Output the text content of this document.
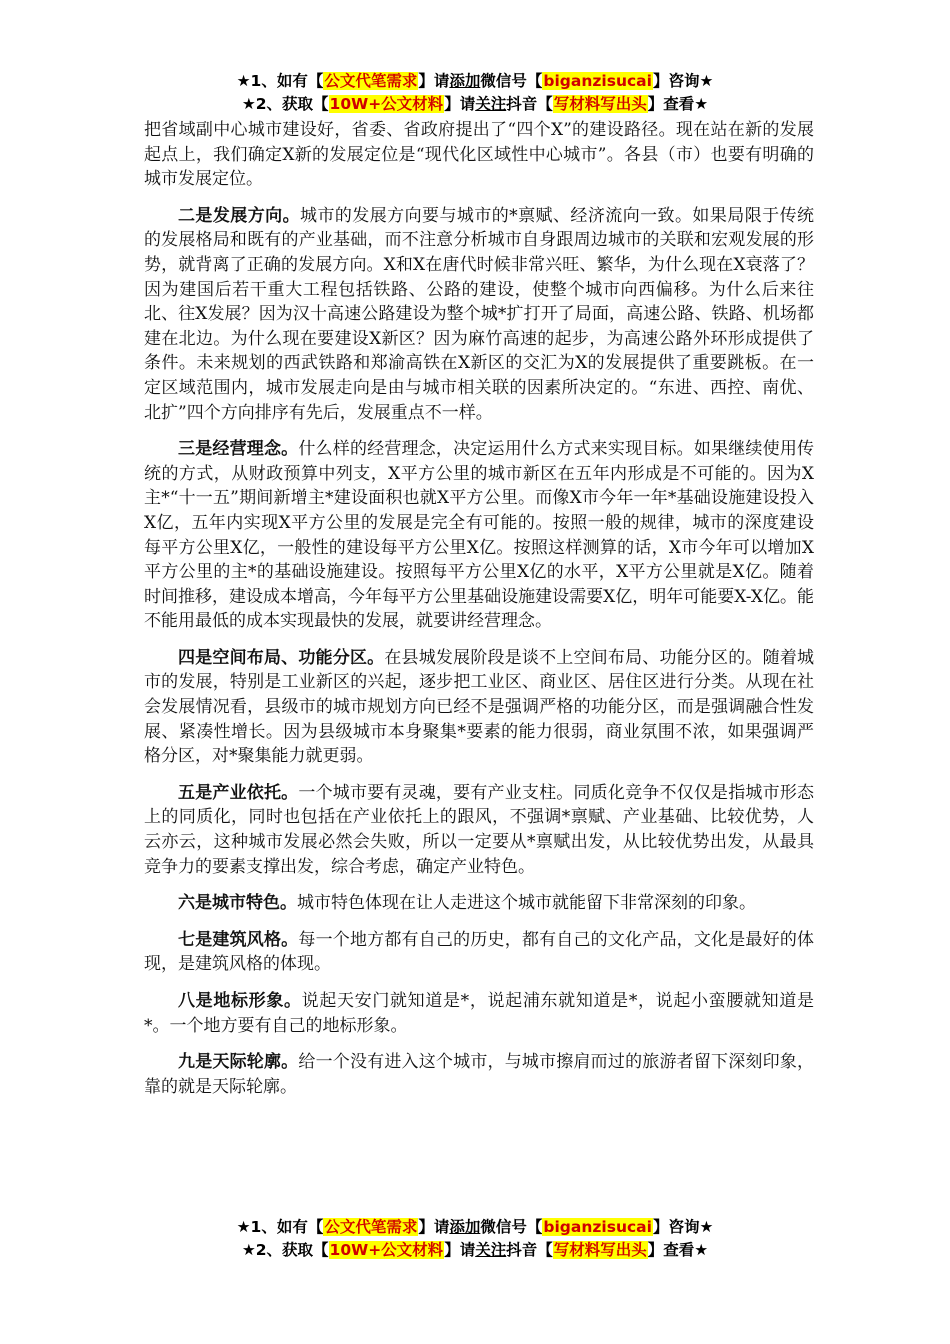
★1、如有【公文代笔需求】请添加微信号【biganzisucai】咨询★
★2、获取【10W+公文材料】请关注抖音【写材料写出头】查看★

把省域副中心城市建设好，省委、省政府提出了“四个X”的建设路径。现在站在新的发展起点上，我们确定X新的发展定位是“现代化区域性中心城市”。各县（市）也要有明确的城市发展定位。

二是发展方向。城市的发展方向要与城市的*禀赋、经济流向一致。如果局限于传统的发展格局和既有的产业基础，而不注意分析城市自身跟周边城市的关联和宏观发展的形势，就背离了正确的发展方向。X和X在唐代时候非常兴旺、繁华，为什么现在X衰落了？因为建国后若干重大工程包括铁路、公路的建设，使整个城市向西偏移。为什么后来往北、往X发展？因为汉十高速公路建设为整个城*扩打开了局面，高速公路、铁路、机场都建在北边。为什么现在要建设X新区？因为麻竹高速的起步，为高速公路外环形成提供了条件。未来规划的西武铁路和郑渝高铁在X新区的交汇为X的发展提供了重要跳板。在一定区域范围内，城市发展走向是由与城市相关联的因素所决定的。“东进、西控、南优、北扩”四个方向排序有先后，发展重点不一样。

三是经营理念。什么样的经营理念，决定运用什么方式来实现目标。如果继续使用传统的方式，从财政预算中列支，X平方公里的城市新区在五年内形成是不可能的。因为X主*“十一五”期间新增主*建设面积也就X平方公里。而像X市今年一年*基础设施建设投入X亿，五年内实现X平方公里的发展是完全有可能的。按照一般的规律，城市的深度建设每平方公里X亿，一般性的建设每平方公里X亿。按照这样测算的话，X市今年可以增加X平方公里的主*的基础设施建设。按照每平方公里X亿的水平，X平方公里就是X亿。随着时间推移，建设成本增高，今年每平方公里基础设施建设需要X亿，明年可能要X-X亿。能不能用最低的成本实现最快的发展，就要讲经营理念。

四是空间布局、功能分区。在县城发展阶段是谈不上空间布局、功能分区的。随着城市的发展，特别是工业新区的兴起，逐步把工业区、商业区、居住区进行分类。从现在社会发展情况看，县级市的城市规划方向已经不是强调严格的功能分区，而是强调融合性发展、紧凑性增长。因为县级城市本身聚集*要素的能力很弱，商业氛围不浓，如果强调严格分区，对*聚集能力就更弱。

五是产业依托。一个城市要有灵魂，要有产业支柱。同质化竞争不仅仅是指城市形态上的同质化，同时也包括在产业依托上的跟风，不强调*禀赋、产业基础、比较优势，人云亦云，这种城市发展必然会失败，所以一定要从*禀赋出发，从比较优势出发，从最具竞争力的要素支撑出发，综合考虑，确定产业特色。

六是城市特色。城市特色体现在让人走进这个城市就能留下非常深刻的印象。

七是建筑风格。每一个地方都有自己的历史，都有自己的文化产品，文化是最好的体现，是建筑风格的体现。

八是地标形象。说起天安门就知道是*，说起浦东就知道是*，说起小蛮腰就知道是*。一个地方要有自己的地标形象。

九是天际轮廓。给一个没有进入这个城市，与城市擦肩而过的旅游者留下深刻印象，靠的就是天际轮廓。

★1、如有【公文代笔需求】请添加微信号【biganzisucai】咨询★
★2、获取【10W+公文材料】请关注抖音【写材料写出头】查看★
